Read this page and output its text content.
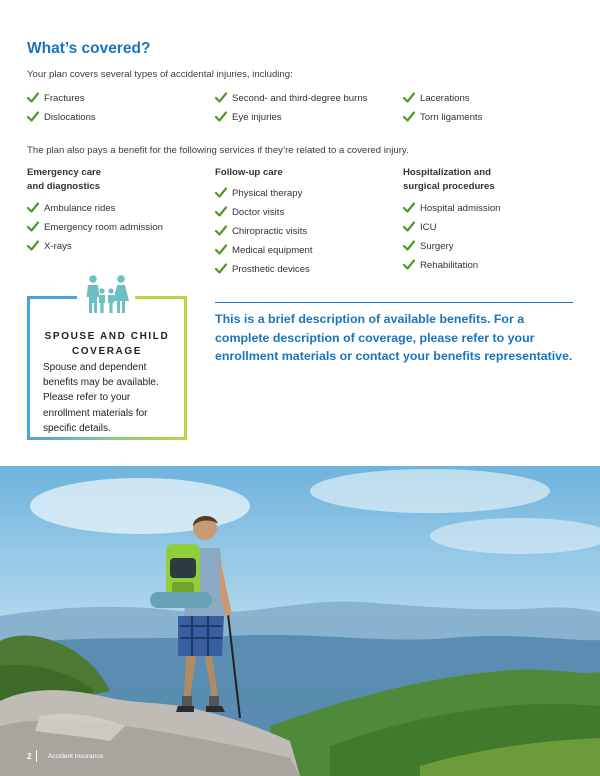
What’s covered?

Your plan covers several types of accidental injuries, including:

Fractures	Second- and third-degree burns	Lacerations
Dislocations	Eye injuries	Torn ligaments

The plan also pays a benefit for the following services if they’re related to a covered injury.

Emergency care
and diagnostics

Ambulance rides
Emergency room admission
X-rays

Follow-up care

Physical therapy
Doctor visits
Chiropractic visits
Medical equipment
Prosthetic devices

Hospitalization and
surgical procedures

Hospital admission
ICU
Surgery
Rehabilitation

SPOUSE AND CHILD
COVERAGE

Spouse and dependent benefits may be available. Please refer to your enrollment materials for specific details.

This is a brief description of available benefits. For a complete description of coverage, please refer to your enrollment materials or contact your benefits representative.

2	Accident Insurance
